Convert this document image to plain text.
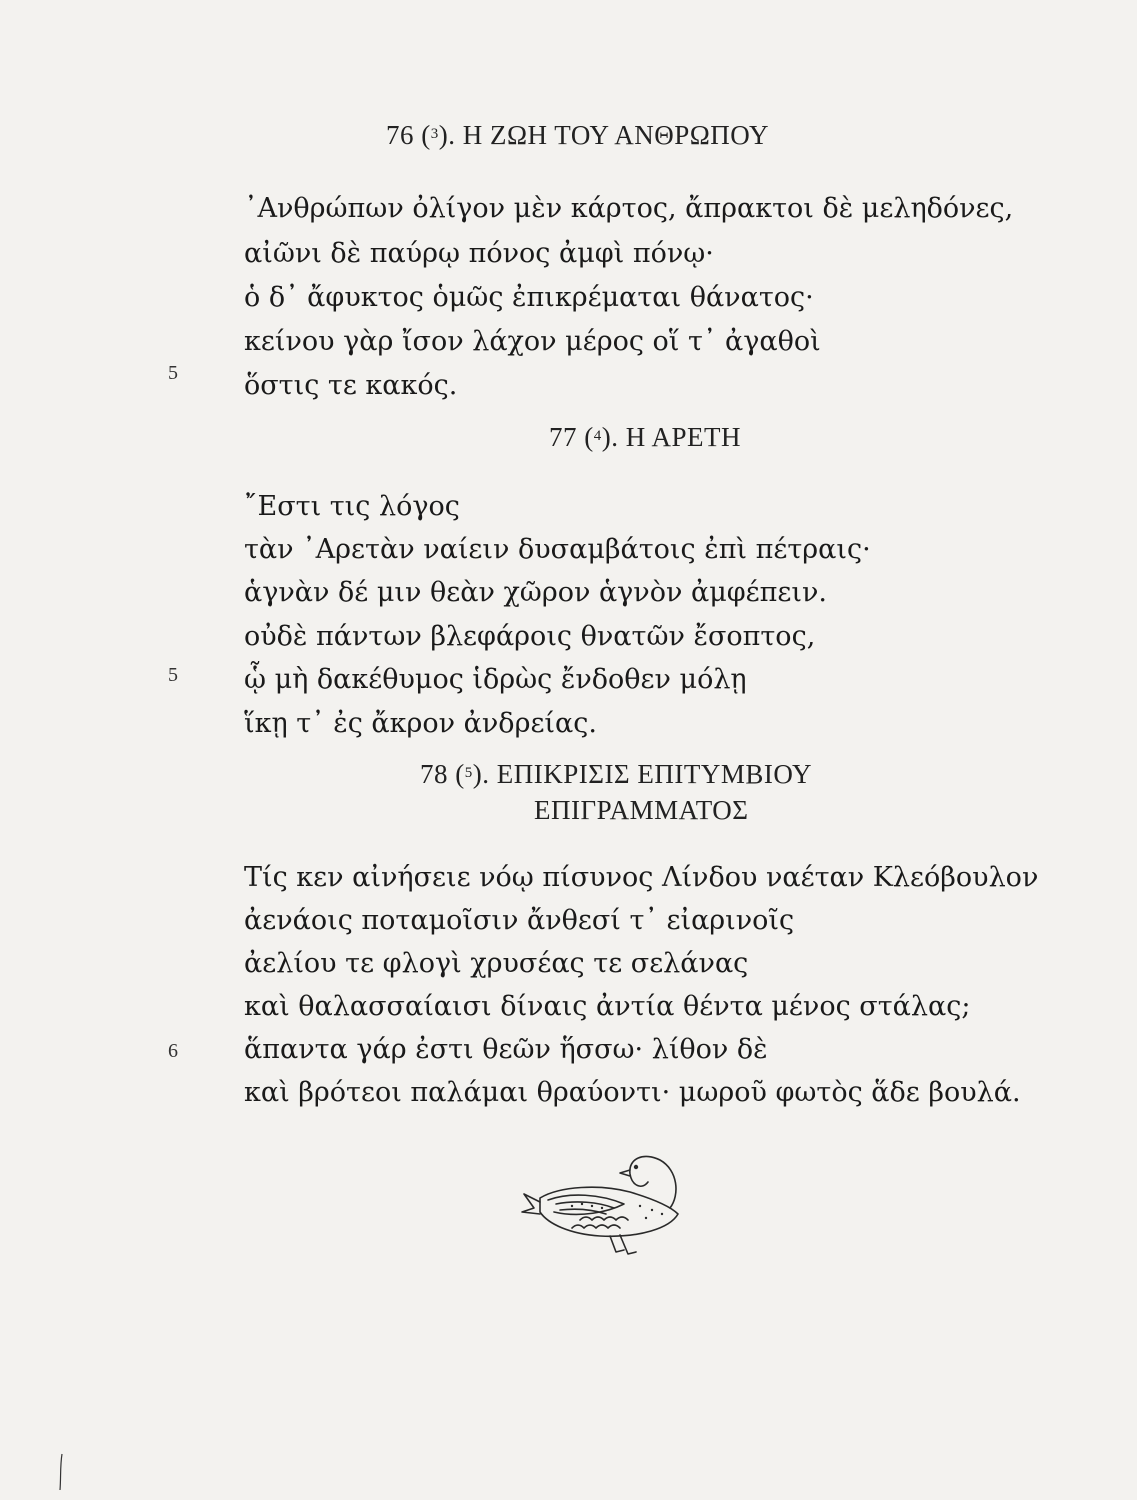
76 ($^3$). Η ΖΩΗ ΤΟΥ ΑΝΘΡΩΠΟΥ
᾿Ανθρώπων ὀλίγον μὲν κάρτος, ἄπρακτοι δὲ μεληδόνες,
αἰῶνι δὲ παύρῳ πόνος ἀμφὶ πόνῳ·
ὁ δ᾿ ἄφυκτος ὁμῶς ἐπικρέμαται θάνατος·
κείνου γὰρ ἴσον λάχον μέρος οἵ τ᾿ ἀγαθοὶ
ὅστις τε κακός.
5
77 ($^4$). Η ΑΡΕΤΗ
῎Εστι τις λόγος
τὰν ᾿Αρετὰν ναίειν δυσαμβάτοις ἐπὶ πέτραις·
ἁγνὰν δέ μιν θεὰν χῶρον ἁγνὸν ἀμφέπειν.
οὐδὲ πάντων βλεφάροις θνατῶν ἔσοπτος,
ᾧ μὴ δακέθυμος ἱδρὼς ἔνδοθεν μόλῃ
ἵκῃ τ᾿ ἐς ἄκρον ἀνδρείας.
5
78 ($^5$). ΕΠΙΚΡΙΣΙΣ ΕΠΙΤΥΜΒΙΟΥ
ΕΠΙΓΡΑΜΜΑΤΟΣ
Τίς κεν αἰνήσειε νόῳ πίσυνος Λίνδου ναέταν Κλεόβουλον
ἀενάοις ποταμοῖσιν ἄνθεσί τ᾿ εἰαρινοῖς
ἀελίου τε φλογὶ χρυσέας τε σελάνας
καὶ θαλασσαίαισι δίναις ἀντία θέντα μένος στάλας;
ἅπαντα γάρ ἐστι θεῶν ἥσσω· λίθον δὲ
καὶ βρότεοι παλάμαι θραύοντι· μωροῦ φωτὸς ἅδε βουλά.
6
